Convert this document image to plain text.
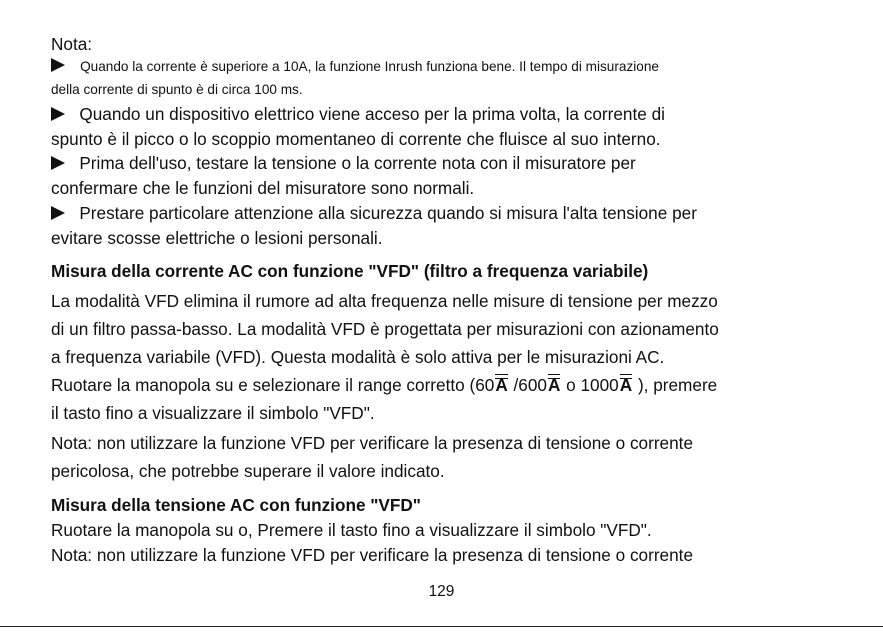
Nota:
Quando la corrente è superiore a 10A, la funzione Inrush funziona bene. Il tempo di misurazione
della corrente di spunto è di circa 100 ms.
Quando un dispositivo elettrico viene acceso per la prima volta, la corrente di
spunto è il picco o lo scoppio momentaneo di corrente che fluisce al suo interno.
Prima dell'uso, testare la tensione o la corrente nota con il misuratore per
confermare che le funzioni del misuratore sono normali.
Prestare particolare attenzione alla sicurezza quando si misura l'alta tensione per
evitare scosse elettriche o lesioni personali.
Misura della corrente AC con funzione "VFD" (filtro a frequenza variabile)
La modalità VFD elimina il rumore ad alta frequenza nelle misure di tensione per mezzo
di un filtro passa-basso. La modalità VFD è progettata per misurazioni con azionamento
a frequenza variabile (VFD). Questa modalità è solo attiva per le misurazioni AC.
Ruotare la manopola su e selezionare il range corretto (60A /600A o 1000A ), premere
il tasto fino a visualizzare il simbolo "VFD".
Nota: non utilizzare la funzione VFD per verificare la presenza di tensione o corrente
pericolosa, che potrebbe superare il valore indicato.
Misura della tensione AC con funzione "VFD"
Ruotare la manopola su o, Premere il tasto fino a visualizzare il simbolo "VFD".
Nota: non utilizzare la funzione VFD per verificare la presenza di tensione o corrente
129
